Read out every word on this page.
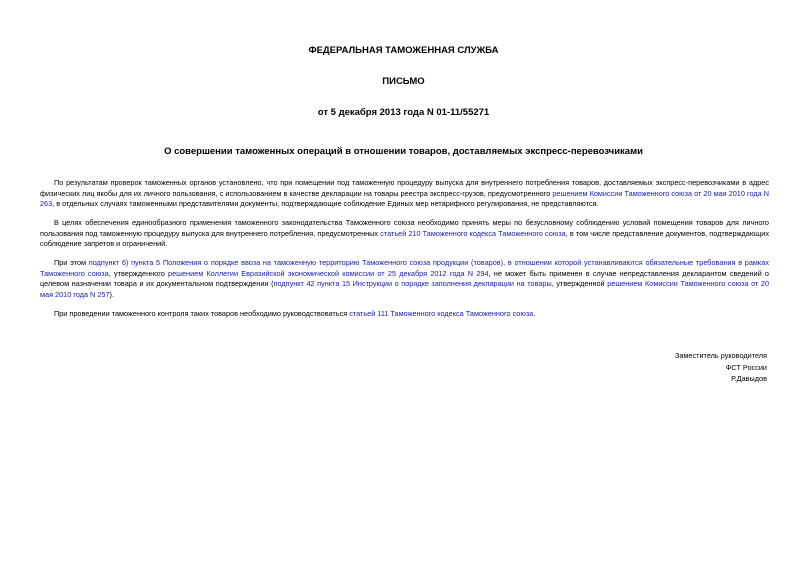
ФЕДЕРАЛЬНАЯ ТАМОЖЕННАЯ СЛУЖБА
ПИСЬМО
от 5 декабря 2013 года N 01-11/55271
О совершении таможенных операций в отношении товаров, доставляемых экспресс-перевозчиками

По результатам проверок таможенных органов установлено, что при помещении под таможенную процедуру выпуска для внутреннего потребления товаров, доставляемых экспресс-перевозчиками в адрес физических лиц якобы для их личного пользования, с использованием в качестве декларации на товары реестра экспресс-грузов, предусмотренного решением Комиссии Таможенного союза от 20 мая 2010 года N 263, в отдельных случаях таможенными представителями документы, подтверждающие соблюдение Единых мер нетарифного регулирования, не представляются.

В целях обеспечения единообразного применения таможенного законодательства Таможенного союза необходимо принять меры по безусловному соблюдению условий помещения товаров для личного пользования под таможенную процедуру выпуска для внутреннего потребления, предусмотренных статьей 210 Таможенного кодекса Таможенного союза, в том числе представление документов, подтверждающих соблюдение запретов и ограничений.

При этом подпункт 6) пункта 5 Положения о порядке ввоза на таможенную территорию Таможенного союза продукции (товаров), в отношении которой устанавливаются обязательные требования в рамках Таможенного союза, утвержденного решением Коллегии Евразийской экономической комиссии от 25 декабря 2012 года N 294, не может быть применен в случае непредставления декларантом сведений о целевом назначении товара и их документальном подтверждении (подпункт 42 пункта 15 Инструкции о порядке заполнения декларации на товары, утвержденной решением Комиссии Таможенного союза от 20 мая 2010 года N 257).

При проведении таможенного контроля таких товаров необходимо руководствоваться статьей 111 Таможенного кодекса Таможенного союза.

Заместитель руководителя
ФСТ России
Р.Давыдов
